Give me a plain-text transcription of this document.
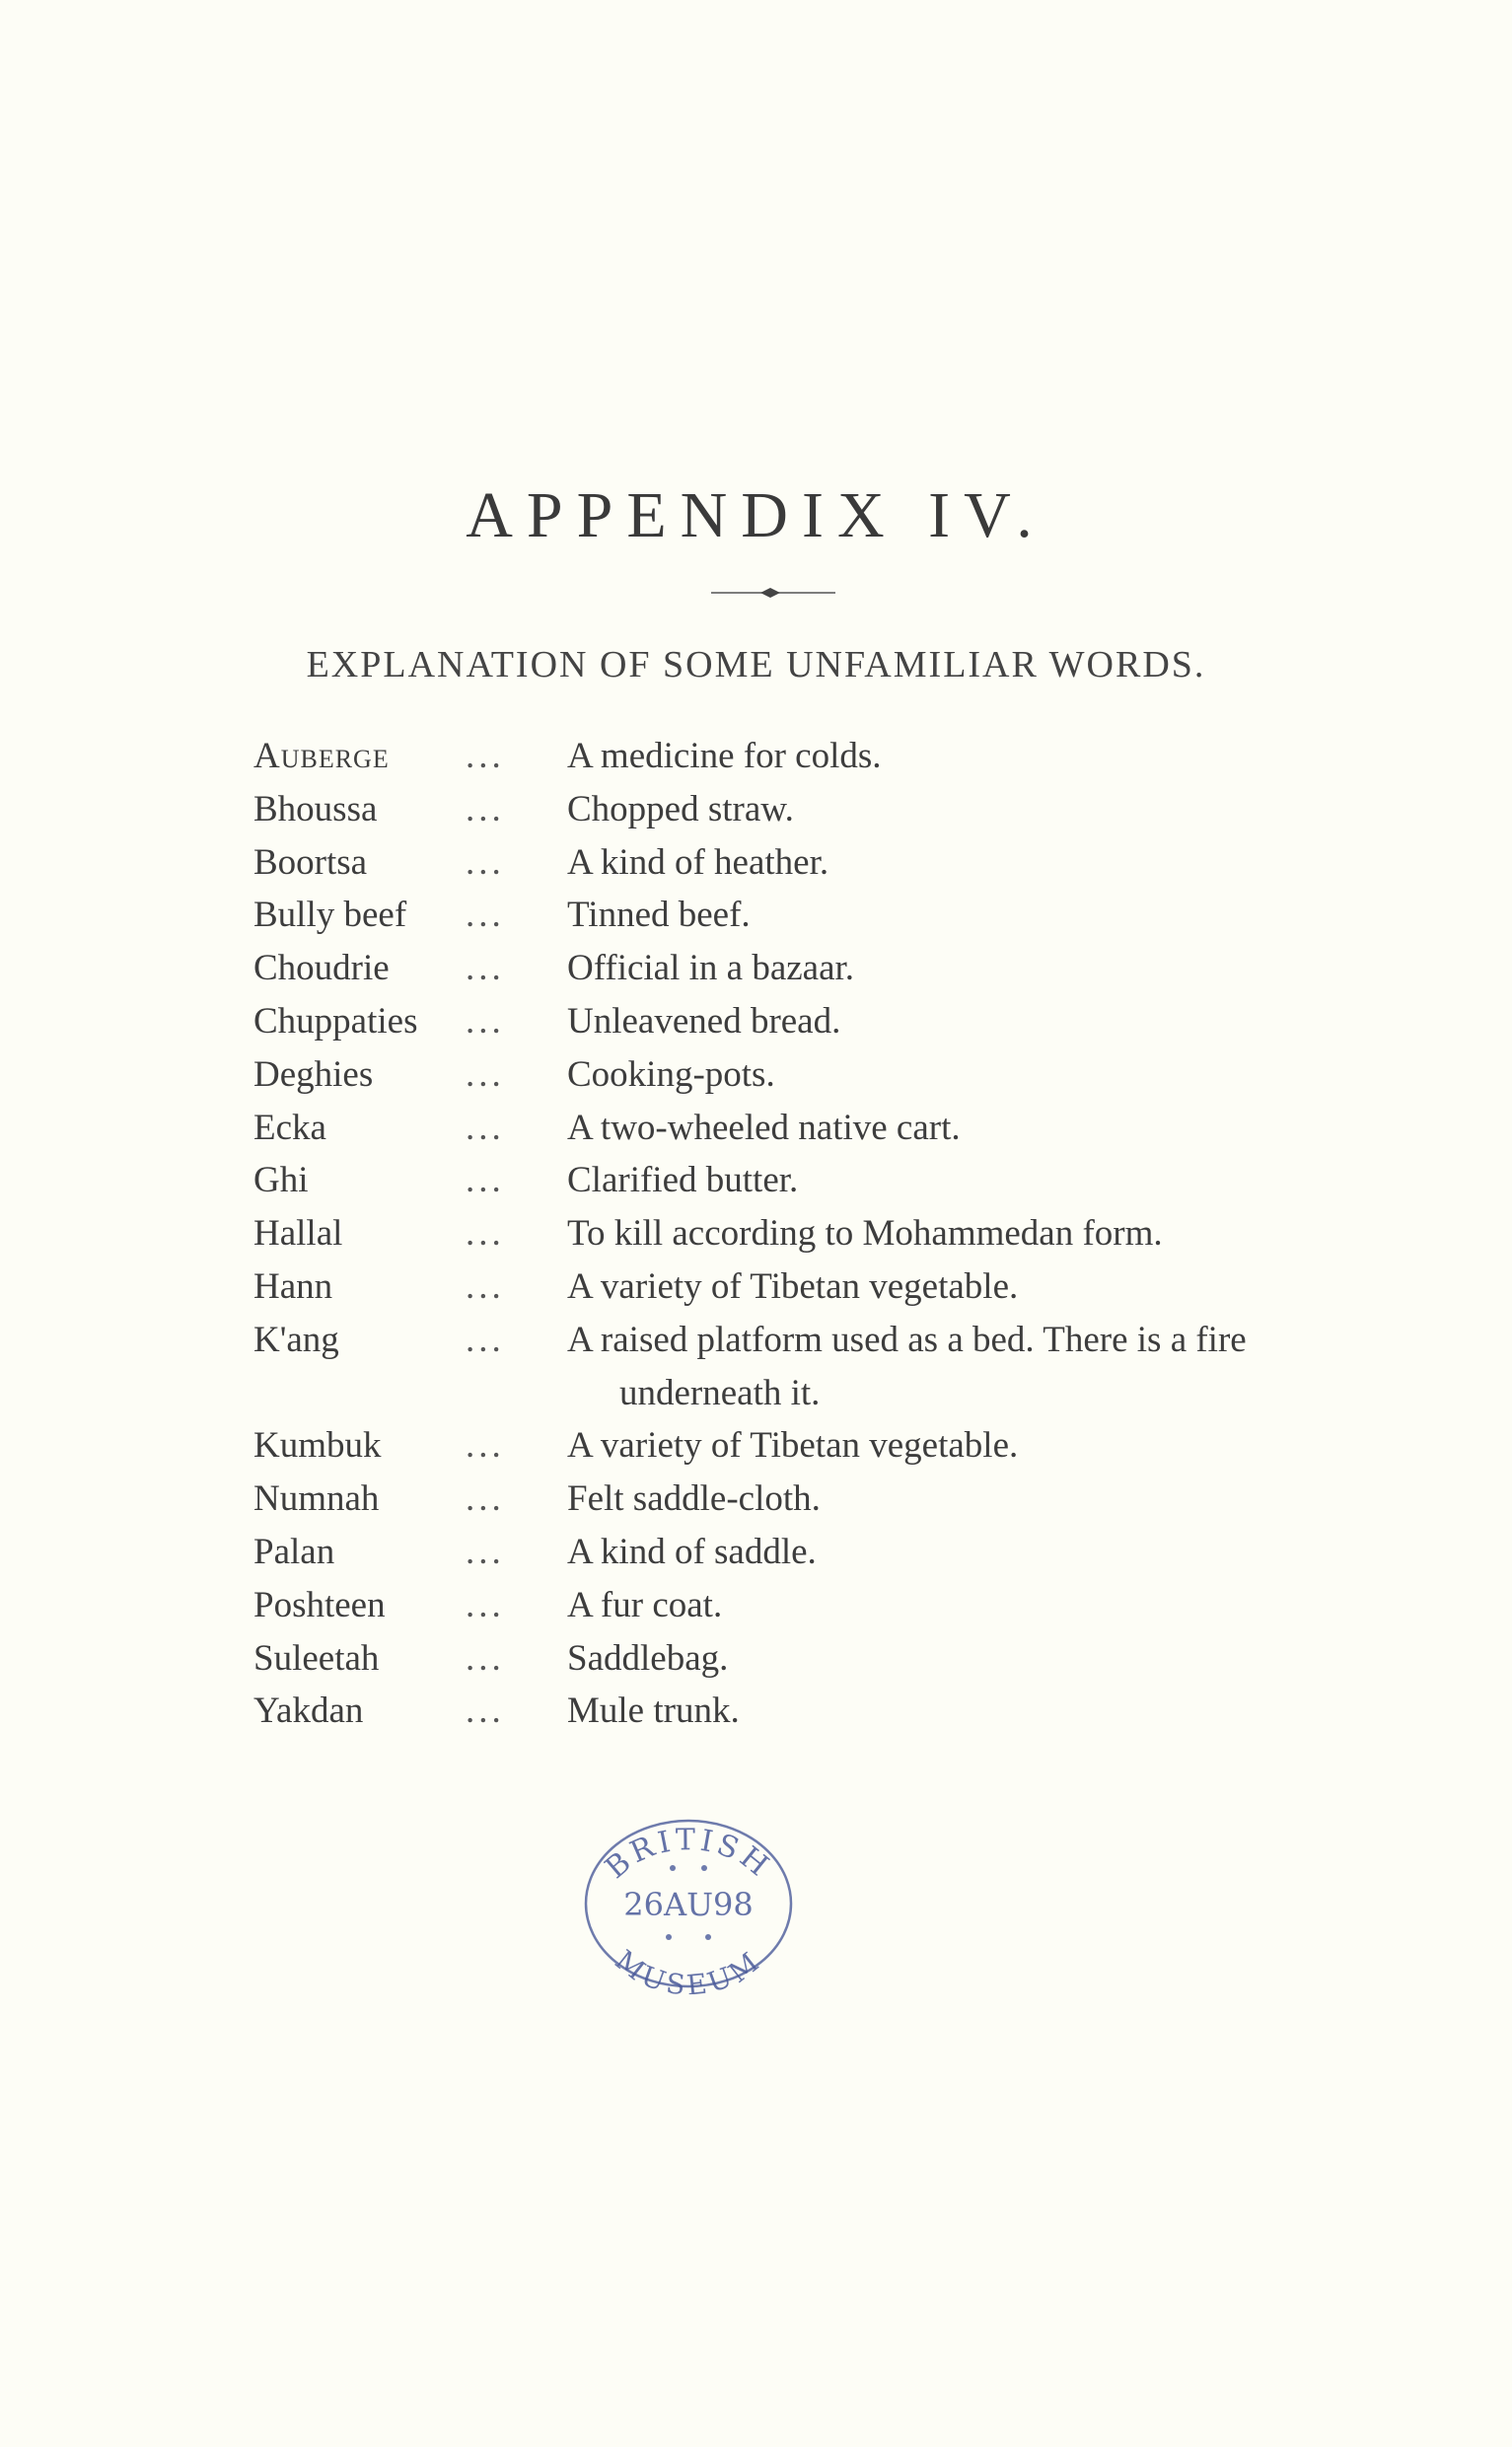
APPENDIX IV.
EXPLANATION OF SOME UNFAMILIAR WORDS.
Auberge ... A medicine for colds.
Bhoussa ... Chopped straw.
Boortsa	... A kind of heather.
Bully beef ... Tinned beef.
Choudrie ... Official in a bazaar.
Chuppaties ... Unleavened bread.
Deghies	... Cooking-pots.
Ecka	... A two-wheeled native cart.
Ghi	... Clarified butter.
Hallal	... To kill according to Mohammedan form.
Hann	... A variety of Tibetan vegetable.
K'ang	... A raised platform used as a bed. There is a fire underneath it.
Kumbuk ... A variety of Tibetan vegetable.
Numnah ... Felt saddle-cloth.
Palan	... A kind of saddle.
Poshteen ... A fur coat.
Suleetah ... Saddlebag.
Yakdan	... Mule trunk.
BRITISH
26AU98
MUSEUM
